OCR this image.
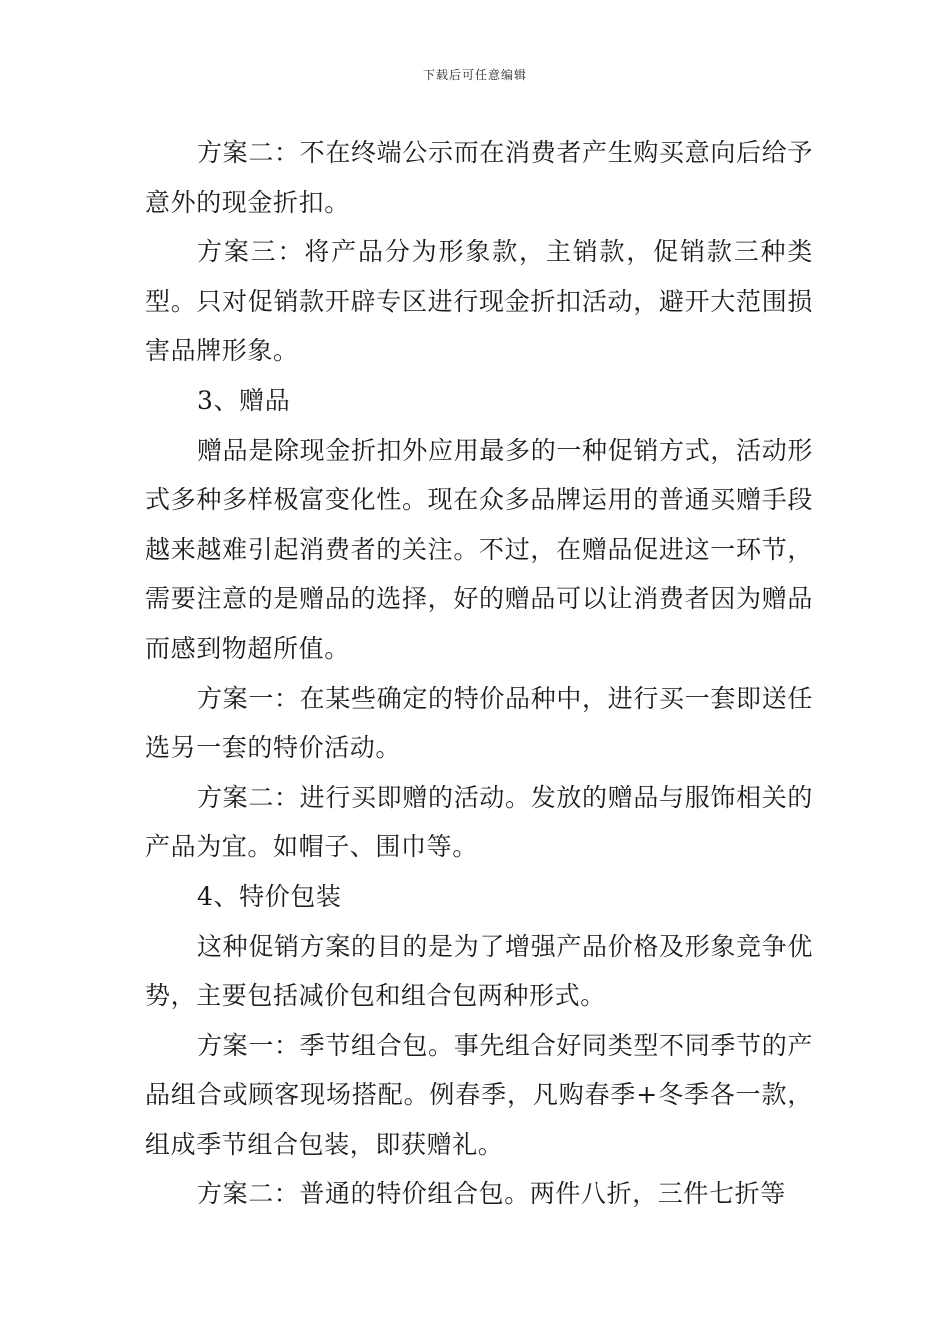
下载后可任意编辑

方案二：不在终端公示而在消费者产生购买意向后给予意外的现金折扣。

方案三：将产品分为形象款，主销款，促销款三种类型。只对促销款开辟专区进行现金折扣活动，避开大范围损害品牌形象。

3、赠品

赠品是除现金折扣外应用最多的一种促销方式，活动形式多种多样极富变化性。现在众多品牌运用的普通买赠手段越来越难引起消费者的关注。不过，在赠品促进这一环节，需要注意的是赠品的选择，好的赠品可以让消费者因为赠品而感到物超所值。

方案一：在某些确定的特价品种中，进行买一套即送任选另一套的特价活动。

方案二：进行买即赠的活动。发放的赠品与服饰相关的产品为宜。如帽子、围巾等。

4、特价包装

这种促销方案的目的是为了增强产品价格及形象竞争优势，主要包括减价包和组合包两种形式。

方案一：季节组合包。事先组合好同类型不同季节的产品组合或顾客现场搭配。例春季，凡购春季+冬季各一款，组成季节组合包装，即获赠礼。

方案二：普通的特价组合包。两件八折，三件七折等
